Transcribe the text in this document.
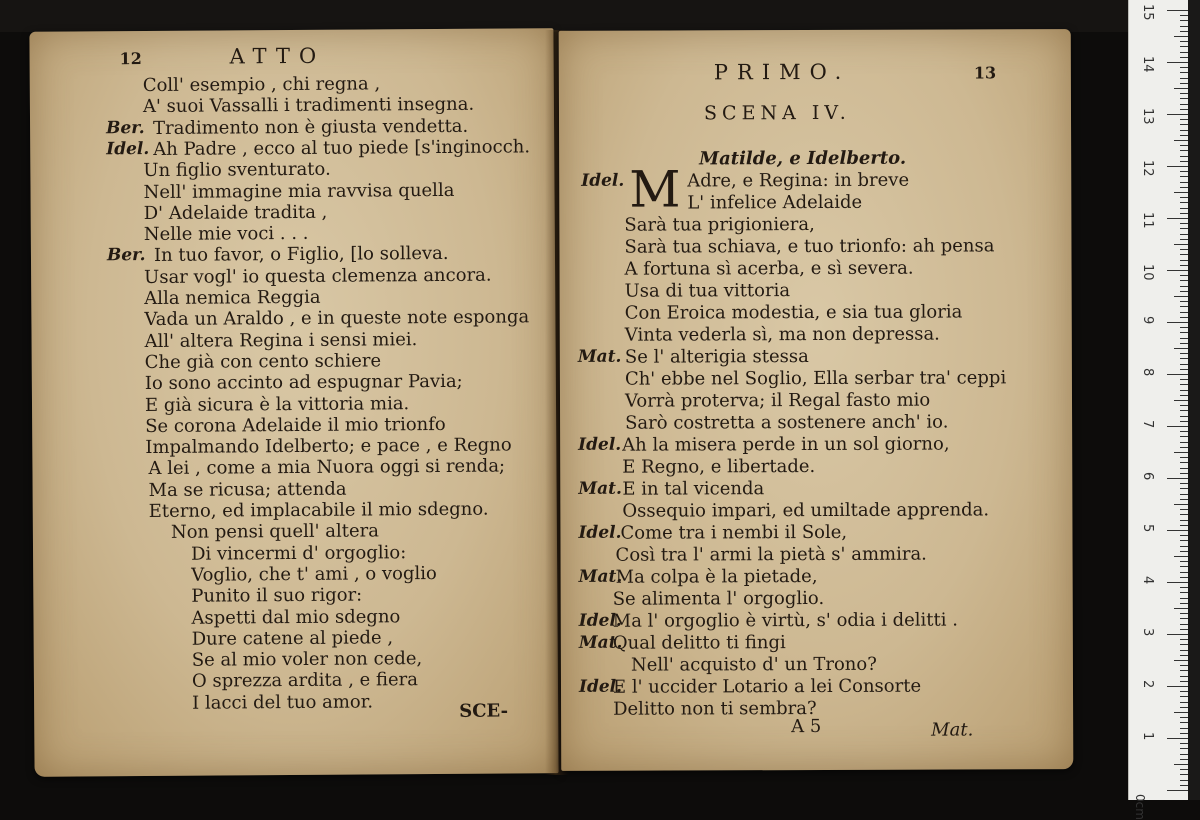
12	ATTO
Coll' esempio , chi regna ,
A' suoi Vassalli i tradimenti insegna.
Ber. Tradimento non è giusta vendetta.
Idel. Ah Padre , ecco al tuo piede [s'inginocch.
Un figlio sventurato.
Nell' immagine mia ravvisa quella
D' Adelaide tradita ,
Nelle mie voci . . .
Ber. In tuo favor, o Figlio, [lo solleva.
Usar vogl' io questa clemenza ancora.
Alla nemica Reggia
Vada un Araldo , e in queste note esponga
All' altera Regina i sensi miei.
Che già con cento schiere
Io sono accinto ad espugnar Pavia;
E già sicura è la vittoria mia.
Se corona Adelaide il mio trionfo
Impalmando Idelberto; e pace , e Regno
A lei , come a mia Nuora oggi si renda;
Ma se ricusa; attenda
Eterno, ed implacabile il mio sdegno.
Non pensi quell' altera
Di vincermi d' orgoglio:
Voglio, che t' ami , o voglio
Punito il suo rigor:
Aspetti dal mio sdegno
Dure catene al piede ,
Se al mio voler non cede,
O sprezza ardita , e fiera
I lacci del tuo amor.	SCE-
PRIMO.	13
SCENA IV.
Matilde, e Idelberto.
M
Idel.	Adre, e Regina: in breve
L' infelice Adelaide
Sarà tua prigioniera,
Sarà tua schiava, e tuo trionfo: ah pensa
A fortuna sì acerba, e sì severa.
Usa di tua vittoria
Con Eroica modestia, e sia tua gloria
Vinta vederla sì, ma non depressa.
Mat. Se l' alterigia stessa
Ch' ebbe nel Soglio, Ella serbar tra' ceppi
Vorrà proterva; il Regal fasto mio
Sarò costretta a sostenere anch' io.
Idel. Ah la misera perde in un sol giorno,
E Regno, e libertade.
Mat. E in tal vicenda
Ossequio impari, ed umiltade apprenda.
Idel.
Come tra i nembi il Sole,
Così tra l' armi la pietà s' ammira.
Mat.
Ma colpa è la pietade,
Se alimenta l' orgoglio.
Idel.
Ma l' orgoglio è virtù, s' odia i delitti .
Mat.
Qual delitto ti fingi
Nell' acquisto d' un Trono?
Idel.
E l' uccider Lotario a lei Consorte
Delitto non ti sembra?
A 5	Mat.
0cm
15
14
13
12
11
10
9
8
7
6
5
4
3
2
1
